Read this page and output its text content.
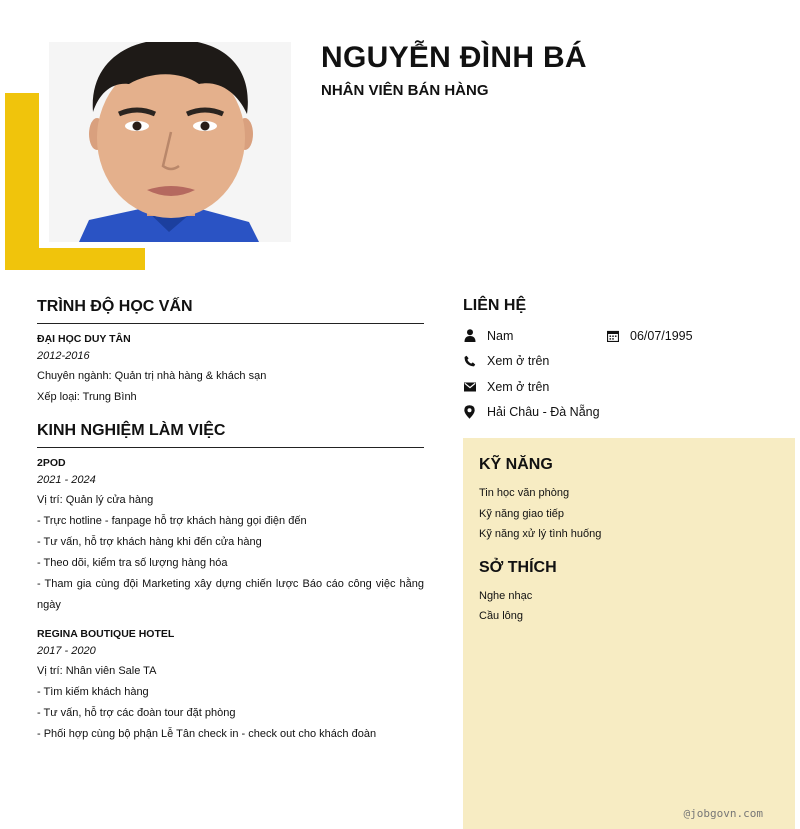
NGUYỄN ĐÌNH BÁ
NHÂN VIÊN BÁN HÀNG
TRÌNH ĐỘ HỌC VẤN

ĐẠI HỌC DUY TÂN

2012-2016

Chuyên ngành: Quản trị nhà hàng & khách sạn

Xếp loại: Trung Bình

KINH NGHIỆM LÀM VIỆC

2POD

2021 - 2024

Vị trí: Quản lý cửa hàng

- Trực hotline - fanpage hỗ trợ khách hàng gọi điện đến

- Tư vấn, hỗ trợ khách hàng khi đến cửa hàng

- Theo dõi, kiểm tra số lượng hàng hóa

- Tham gia cùng đội Marketing xây dựng chiến lược Báo cáo công việc hằng ngày

REGINA BOUTIQUE HOTEL

2017 - 2020

Vị trí: Nhân viên Sale TA

- Tìm kiếm khách hàng

- Tư vấn, hỗ trợ các đoàn tour đặt phòng

- Phối hợp cùng bộ phận Lễ Tân check in - check out cho khách đoàn

LIÊN HỆ
Nam	06/07/1995
Xem ở trên
Xem ở trên
Hải Châu - Đà Nẵng
KỸ NĂNG

Tin học văn phòng

Kỹ năng giao tiếp

Kỹ năng xử lý tình huống

SỞ THÍCH

Nghe nhạc

Cầu lông

@jobgovn.com
